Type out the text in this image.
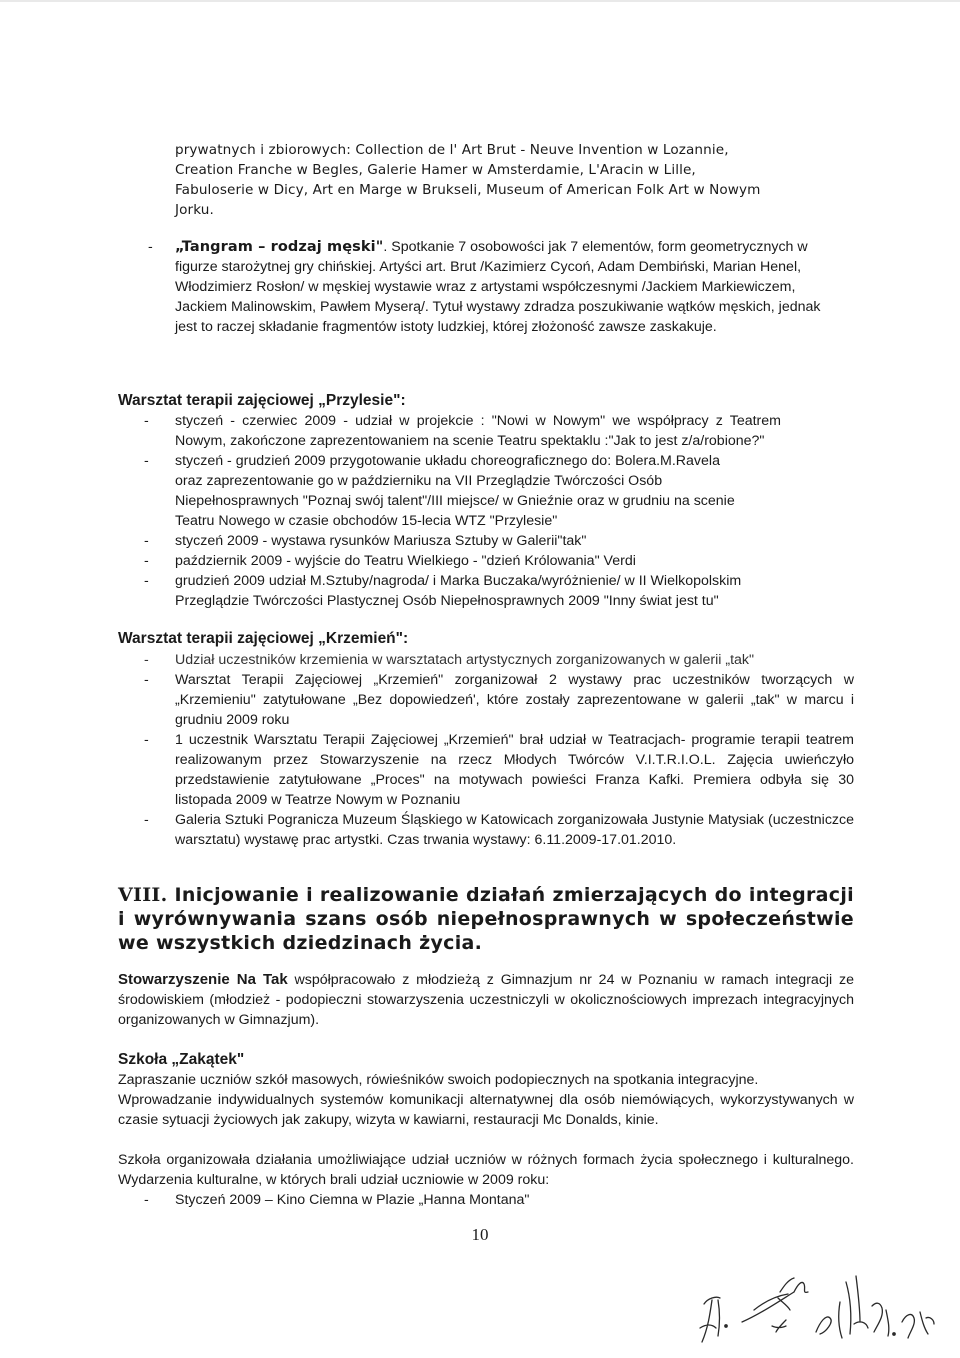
prywatnych i zbiorowych: Collection de l' Art Brut - Neuve Invention w Lozannie,
Creation Franche w Begles, Galerie Hamer w Amsterdamie, L'Aracin w Lille,
Fabuloserie w Dicy, Art en Marge w Brukseli, Museum of American Folk Art w Nowym
Jorku.
- „Tangram – rodzaj męski". Spotkanie 7 osobowości jak 7 elementów, form geometrycznych w figurze starożytnej gry chińskiej. Artyści art. Brut /Kazimierz Cycoń, Adam Dembiński, Marian Henel, Włodzimierz Rosłon/ w męskiej wystawie wraz z artystami współczesnymi /Jackiem Markiewiczem, Jackiem Malinowskim, Pawłem Myserą/. Tytuł wystawy zdradza poszukiwanie wątków męskich, jednak jest to raczej składanie fragmentów istoty ludzkiej, której złożoność zawsze zaskakuje.
Warsztat terapii zajęciowej „Przylesie":
- styczeń - czerwiec 2009 - udział w projekcie : "Nowi w Nowym" we współpracy z Teatrem Nowym, zakończone zaprezentowaniem na scenie Teatru spektaklu :"Jak to jest z/a/robione?"
- styczeń - grudzień 2009 przygotowanie układu choreograficznego do: Bolera.M.Ravela oraz zaprezentowanie go w październiku na VII Przeglądzie Twórczości Osób Niepełnosprawnych "Poznaj swój talent"/III miejsce/ w Gnieźnie oraz w grudniu na scenie Teatru Nowego w czasie obchodów 15-lecia WTZ "Przylesie"
- styczeń 2009 - wystawa rysunków Mariusza Sztuby w Galerii"tak"
- październik 2009 - wyjście do Teatru Wielkiego - "dzień Królowania" Verdi
- grudzień 2009 udział M.Sztuby/nagroda/ i Marka Buczaka/wyróżnienie/ w II Wielkopolskim Przeglądzie Twórczości Plastycznej Osób Niepełnosprawnych 2009 "Inny świat jest tu"
Warsztat terapii zajęciowej „Krzemień":
- Udział uczestników krzemienia w warsztatach artystycznych zorganizowanych w galerii „tak"
- Warsztat Terapii Zajęciowej „Krzemień" zorganizował 2 wystawy prac uczestników tworzących w „Krzemieniu" zatytułowane „Bez dopowiedzeń', które zostały zaprezentowane w galerii „tak" w marcu i grudniu 2009 roku
- 1 uczestnik Warsztatu Terapii Zajęciowej „Krzemień" brał udział w Teatracjach- programie terapii teatrem realizowanym przez Stowarzyszenie na rzecz Młodych Twórców V.I.T.R.I.O.L. Zajęcia uwieńczyło przedstawienie zatytułowane „Proces" na motywach powieści Franza Kafki. Premiera odbyła się 30 listopada 2009 w Teatrze Nowym w Poznaniu
- Galeria Sztuki Pogranicza Muzeum Śląskiego w Katowicach zorganizowała Justynie Matysiak (uczestniczce warsztatu) wystawę prac artystki. Czas trwania wystawy: 6.11.2009-17.01.2010.
VIII. Inicjowanie i realizowanie działań zmierzających do integracji i wyrównywania szans osób niepełnosprawnych w społeczeństwie we wszystkich dziedzinach życia.
Stowarzyszenie Na Tak współpracowało z młodzieżą z Gimnazjum nr 24 w Poznaniu w ramach integracji ze środowiskiem (młodzież - podopieczni stowarzyszenia uczestniczyli w okolicznościowych imprezach integracyjnych organizowanych w Gimnazjum).
Szkoła „Zakątek"
Zapraszanie uczniów szkół masowych, rówieśników swoich podopiecznych na spotkania integracyjne.
Wprowadzanie indywidualnych systemów komunikacji alternatywnej dla osób niemówiących, wykorzystywanych w czasie sytuacji życiowych jak zakupy, wizyta w kawiarni, restauracji Mc Donalds, kinie.
Szkoła organizowała działania umożliwiające udział uczniów w różnych formach życia społecznego i kulturalnego. Wydarzenia kulturalne, w których brali udział uczniowie w 2009 roku:
- Styczeń 2009 – Kino Ciemna w Plazie „Hanna Montana"
10
